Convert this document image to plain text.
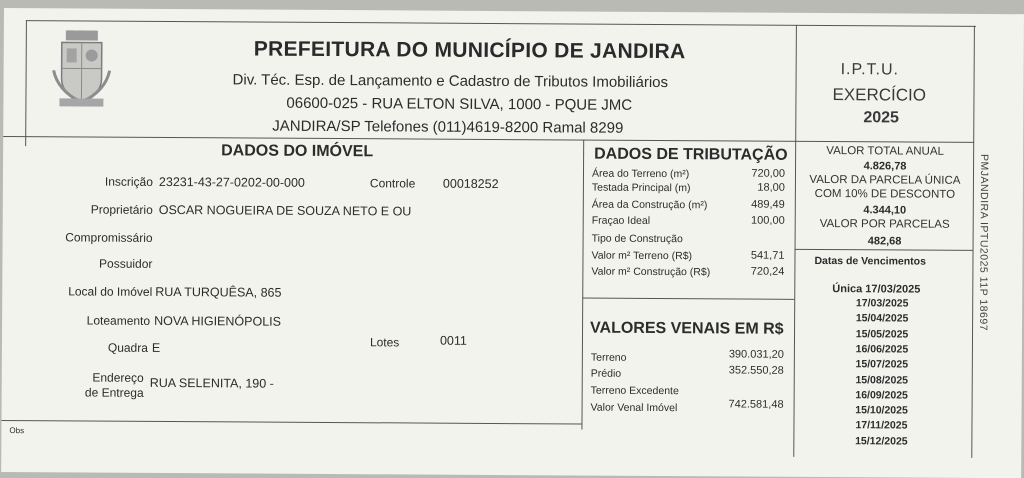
PREFEITURA DO MUNICÍPIO DE JANDIRA
Div. Téc. Esp. de Lançamento e Cadastro de Tributos Imobiliários
06600-025 - RUA ELTON SILVA, 1000 - PQUE JMC
JANDIRA/SP Telefones (011)4619-8200 Ramal 8299
I.P.T.U.
EXERCÍCIO
2025
DADOS DO IMÓVEL
Inscrição 23231-43-27-0202-00-000	Controle 00018252
Proprietário OSCAR NOGUEIRA DE SOUZA NETO E OU
Compromissário
Possuidor
Local do Imóvel RUA TURQUÊSA, 865
Loteamento NOVA HIGIENÓPOLIS
Quadra E	Lotes	0011
Endereço
de Entrega
RUA SELENITA, 190 -
Obs
DADOS DE TRIBUTAÇÃO
Área do Terreno (m²)	720,00
Testada Principal (m)	18,00
Área da Construção (m²)	489,49
Fraçao Ideal	100,00
Tipo de Construção
Valor m² Terreno (R$)	541,71
Valor m² Construção (R$)	720,24
VALORES VENAIS EM R$
Terreno	390.031,20
Prédio	352.550,28
Terreno Excedente
Valor Venal Imóvel	742.581,48
VALOR TOTAL ANUAL
4.826,78
VALOR DA PARCELA ÚNICA
COM 10% DE DESCONTO
4.344,10
VALOR POR PARCELAS
482,68
Datas de Vencimentos
Única 17/03/2025
17/03/2025
15/04/2025
15/05/2025
16/06/2025
15/07/2025
15/08/2025
16/09/2025
15/10/2025
17/11/2025
15/12/2025
PMJANDIRA IPTU2025 11P 18697
